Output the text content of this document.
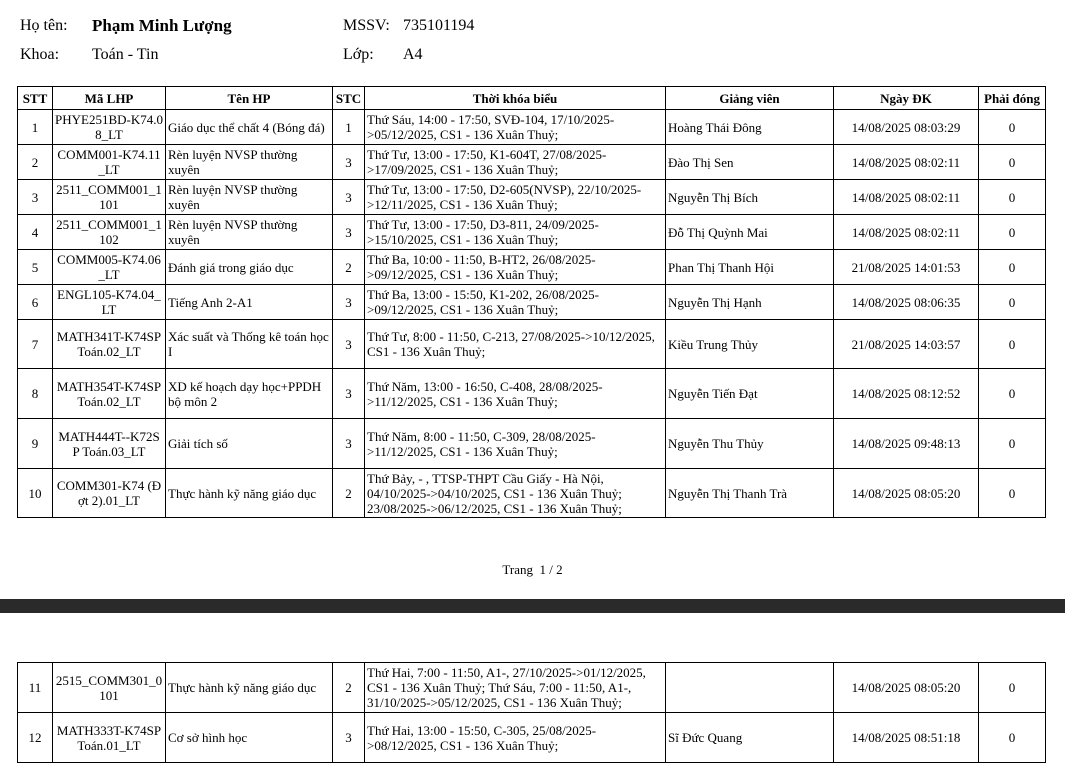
Họ tên: Phạm Minh Lượng	MSSV: 735101194
Khoa: Toán - Tin	Lớp: A4
STT	Mã LHP	Tên HP	STC	Thời khóa biểu	Giảng viên	Ngày ĐK	Phải đóng
1	PHYE251BD-K74.08_LT	Giáo dục thể chất 4 (Bóng đá)	1	Thứ Sáu, 14:00 - 17:50, SVĐ-104, 17/10/2025->05/12/2025, CS1 - 136 Xuân Thuỷ;	Hoàng Thái Đông	14/08/2025 08:03:29	0
2	COMM001-K74.11_LT	Rèn luyện NVSP thường xuyên	3	Thứ Tư, 13:00 - 17:50, K1-604T, 27/08/2025->17/09/2025, CS1 - 136 Xuân Thuỷ;	Đào Thị Sen	14/08/2025 08:02:11	0
3	2511_COMM001_1101	Rèn luyện NVSP thường xuyên	3	Thứ Tư, 13:00 - 17:50, D2-605(NVSP), 22/10/2025->12/11/2025, CS1 - 136 Xuân Thuỷ;	Nguyễn Thị Bích	14/08/2025 08:02:11	0
4	2511_COMM001_1102	Rèn luyện NVSP thường xuyên	3	Thứ Tư, 13:00 - 17:50, D3-811, 24/09/2025->15/10/2025, CS1 - 136 Xuân Thuỷ;	Đỗ Thị Quỳnh Mai	14/08/2025 08:02:11	0
5	COMM005-K74.06_LT	Đánh giá trong giáo dục	2	Thứ Ba, 10:00 - 11:50, B-HT2, 26/08/2025->09/12/2025, CS1 - 136 Xuân Thuỷ;	Phan Thị Thanh Hội	21/08/2025 14:01:53	0
6	ENGL105-K74.04_LT	Tiếng Anh 2-A1	3	Thứ Ba, 13:00 - 15:50, K1-202, 26/08/2025->09/12/2025, CS1 - 136 Xuân Thuỷ;	Nguyễn Thị Hạnh	14/08/2025 08:06:35	0
7	MATH341T-K74SP Toán.02_LT	Xác suất và Thống kê toán học I	3	Thứ Tư, 8:00 - 11:50, C-213, 27/08/2025->10/12/2025, CS1 - 136 Xuân Thuỷ;	Kiều Trung Thủy	21/08/2025 14:03:57	0
8	MATH354T-K74SP Toán.02_LT	XD kế hoạch dạy học+PPDH bộ môn 2	3	Thứ Năm, 13:00 - 16:50, C-408, 28/08/2025->11/12/2025, CS1 - 136 Xuân Thuỷ;	Nguyễn Tiến Đạt	14/08/2025 08:12:52	0
9	MATH444T--K72SP Toán.03_LT	Giải tích số	3	Thứ Năm, 8:00 - 11:50, C-309, 28/08/2025->11/12/2025, CS1 - 136 Xuân Thuỷ;	Nguyễn Thu Thủy	14/08/2025 09:48:13	0
10	COMM301-K74 (Đợt 2).01_LT	Thực hành kỹ năng giáo dục	2	Thứ Bảy, - , TTSP-THPT Cầu Giấy - Hà Nội, 04/10/2025->04/10/2025, CS1 - 136 Xuân Thuỷ; 23/08/2025->06/12/2025, CS1 - 136 Xuân Thuỷ;	Nguyễn Thị Thanh Trà	14/08/2025 08:05:20	0
Trang 1 / 2
11	2515_COMM301_0101	Thực hành kỹ năng giáo dục	2	Thứ Hai, 7:00 - 11:50, A1-, 27/10/2025->01/12/2025, CS1 - 136 Xuân Thuỷ; Thứ Sáu, 7:00 - 11:50, A1-, 31/10/2025->05/12/2025, CS1 - 136 Xuân Thuỷ;		14/08/2025 08:05:20	0
12	MATH333T-K74SP Toán.01_LT	Cơ sở hình học	3	Thứ Hai, 13:00 - 15:50, C-305, 25/08/2025->08/12/2025, CS1 - 136 Xuân Thuỷ;	Sĩ Đức Quang	14/08/2025 08:51:18	0
